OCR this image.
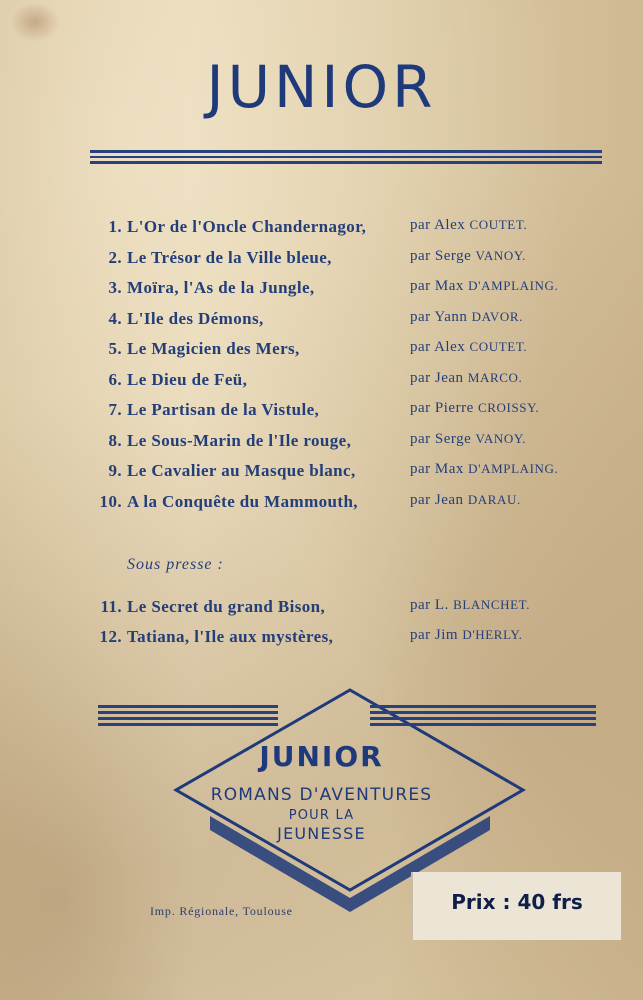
JUNIOR
1. L'Or de l'Oncle Chandernagor,	par Alex COUTET.
2. Le Trésor de la Ville bleue,	par Serge VANOY.
3. Moïra, l'As de la Jungle,	par Max D'AMPLAING.
4. L'Ile des Démons,	par Yann DAVOR.
5. Le Magicien des Mers,	par Alex COUTET.
6. Le Dieu de Feü,	par Jean MARCO.
7. Le Partisan de la Vistule,	par Pierre CROISSY.
8. Le Sous-Marin de l'Ile rouge,	par Serge VANOY.
9. Le Cavalier au Masque blanc,	par Max D'AMPLAING.
10. A la Conquête du Mammouth,	par Jean DARAU.
Sous presse :
11. Le Secret du grand Bison,	par L. BLANCHET.
12. Tatiana, l'Ile aux mystères,	par Jim D'HERLY.
JUNIOR
ROMANS D'AVENTURES
POUR LA
JEUNESSE
Imp. Régionale, Toulouse	Prix : 40 frs
